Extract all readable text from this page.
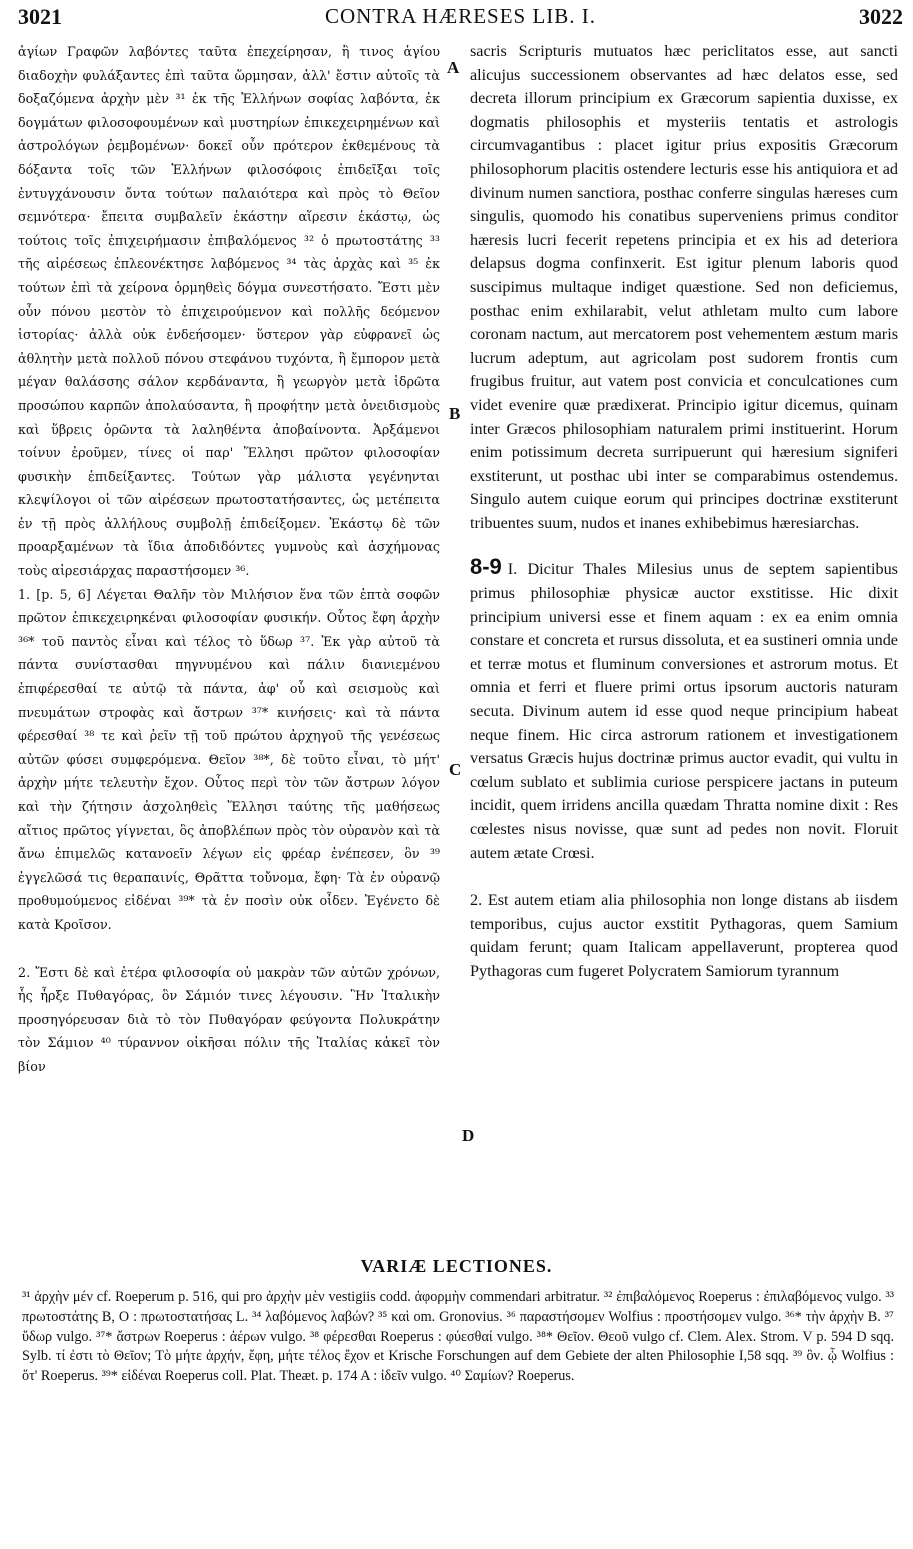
3021	CONTRA HÆRESES LIB. I.	3022

ἁγίων Γραφῶν λαβόντες ταῦτα ἐπεχείρησαν, ἢ τινος ἁγίου διαδοχὴν φυλάξαντες ἐπὶ ταῦτα ὥρμησαν, ἀλλ' ἔστιν αὐτοῖς τὰ δοξαζόμενα ἀρχὴν μὲν ³¹ ἐκ τῆς Ἑλλήνων σοφίας λαβόντα, ἐκ δογμάτων φιλοσοφουμένων καὶ μυστηρίων ἐπικεχειρημένων καὶ ἀστρολόγων ῥεμβομένων· δοκεῖ οὖν πρότερον ἐκθεμένους τὰ δόξαντα τοῖς τῶν Ἑλλήνων φιλοσόφοις ἐπιδεῖξαι τοῖς ἐντυγχάνουσιν ὄντα τούτων παλαιότερα καὶ πρὸς τὸ Θεῖον σεμνότερα· ἔπειτα συμβαλεῖν ἑκάστην αἵρεσιν ἑκάστῳ, ὡς τούτοις τοῖς ἐπιχειρήμασιν ἐπιβαλόμενος ³² ὁ πρωτοστάτης ³³ τῆς αἱρέσεως ἐπλεονέκτησε λαβόμενος ³⁴ τὰς ἀρχὰς καὶ ³⁵ ἐκ τούτων ἐπὶ τὰ χείρονα ὁρμηθεὶς δόγμα συνεστήσατο. Ἔστι μὲν οὖν πόνου μεστὸν τὸ ἐπιχειρούμενον καὶ πολλῆς δεόμενον ἱστορίας· ἀλλὰ οὐκ ἐνδεήσομεν· ὕστερον γὰρ εὐφρανεῖ ὡς ἀθλητὴν μετὰ πολλοῦ πόνου στεφάνου τυχόντα, ἢ ἔμπορον μετὰ μέγαν θαλάσσης σάλον κερδάναντα, ἢ γεωργὸν μετὰ ἱδρῶτα προσώπου καρπῶν ἀπολαύσαντα, ἢ προφήτην μετὰ ὀνειδισμοὺς καὶ ὕβρεις ὁρῶντα τὰ λαληθέντα ἀποβαίνοντα. Ἀρξάμενοι τοίνυν ἐροῦμεν, τίνες οἱ παρ' Ἕλλησι πρῶτον φιλοσοφίαν φυσικὴν ἐπιδείξαντες. Τούτων γὰρ μάλιστα γεγένηνται κλεψίλογοι οἱ τῶν αἱρέσεων πρωτοστατήσαντες, ὡς μετέπειτα ἐν τῇ πρὸς ἀλλήλους συμβολῇ ἐπιδείξομεν. Ἑκάστῳ δὲ τῶν προαρξαμένων τὰ ἴδια ἀποδιδόντες γυμνοὺς καὶ ἀσχήμονας τοὺς αἱρεσιάρχας παραστήσομεν ³⁶.

1. [p. 5, 6] Λέγεται Θαλῆν τὸν Μιλήσιον ἕνα τῶν ἑπτὰ σοφῶν πρῶτον ἐπικεχειρηκέναι φιλοσοφίαν φυσικήν. Οὗτος ἔφη ἀρχὴν ³⁶* τοῦ παντὸς εἶναι καὶ τέλος τὸ ὕδωρ ³⁷. Ἐκ γὰρ αὐτοῦ τὰ πάντα συνίστασθαι πηγνυμένου καὶ πάλιν διανιεμένου ἐπιφέρεσθαί τε αὐτῷ τὰ πάντα, ἀφ' οὗ καὶ σεισμοὺς καὶ πνευμάτων στροφὰς καὶ ἄστρων ³⁷* κινήσεις· καὶ τὰ πάντα φέρεσθαί ³⁸ τε καὶ ῥεῖν τῇ τοῦ πρώτου ἀρχηγοῦ τῆς γενέσεως αὐτῶν φύσει συμφερόμενα. Θεῖον ³⁸*, δὲ τοῦτο εἶναι, τὸ μήτ' ἀρχὴν μήτε τελευτὴν ἔχον. Οὗτος περὶ τὸν τῶν ἄστρων λόγον καὶ τὴν ζήτησιν ἀσχοληθεὶς Ἕλλησι ταύτης τῆς μαθήσεως αἴτιος πρῶτος γίγνεται, ὃς ἀποβλέπων πρὸς τὸν οὐρανὸν καὶ τὰ ἄνω ἐπιμελῶς κατανοεῖν λέγων εἰς φρέαρ ἐνέπεσεν, ὃν ³⁹ ἐγγελῶσά τις θεραπαινίς, Θρᾶττα τοὔνομα, ἔφη· Τὰ ἐν οὐρανῷ προθυμούμενος εἰδέναι ³⁹* τὰ ἐν ποσὶν οὐκ οἶδεν. Ἐγένετο δὲ κατὰ Κροῖσον.

2. Ἔστι δὲ καὶ ἑτέρα φιλοσοφία οὐ μακρὰν τῶν αὐτῶν χρόνων, ἧς ἦρξε Πυθαγόρας, ὃν Σάμιόν τινες λέγουσιν. Ἣν Ἰταλικὴν προσηγόρευσαν διὰ τὸ τὸν Πυθαγόραν φεύγοντα Πολυκράτην τὸν Σάμιον ⁴⁰ τύραννον οἰκῆσαι πόλιν τῆς Ἰταλίας κἀκεῖ τὸν βίον

A
B
C
D

sacris Scripturis mutuatos hæc periclitatos esse, aut sancti alicujus successionem observantes ad hæc delatos esse, sed decreta illorum principium ex Græcorum sapientia duxisse, ex dogmatis philosophis et mysteriis tentatis et astrologis circumvagantibus : placet igitur prius expositis Græcorum philosophorum placitis ostendere lecturis esse his antiquiora et ad divinum numen sanctiora, posthac conferre singulas hæreses cum singulis, quomodo his conatibus superveniens primus conditor hæresis lucri fecerit repetens principia et ex his ad deteriora delapsus dogma confinxerit. Est igitur plenum laboris quod suscipimus multaque indiget quæstione. Sed non deficiemus, posthac enim exhilarabit, velut athletam multo cum labore coronam nactum, aut mercatorem post vehementem æstum maris lucrum adeptum, aut agricolam post sudorem frontis cum frugibus fruitur, aut vatem post convicia et conculcationes cum videt evenire quæ prædixerat. Principio igitur dicemus, quinam inter Græcos philosophiam naturalem primi instituerint. Horum enim potissimum decreta surripuerunt qui hæresium signiferi exstiterunt, ut posthac ubi inter se comparabimus ostendemus. Singulo autem cuique eorum qui principes doctrinæ exstiterunt tribuentes suum, nudos et inanes exhibebimus hæresiarchas.

8-9 I. Dicitur Thales Milesius unus de septem sapientibus primus philosophiæ physicæ auctor exstitisse. Hic dixit principium universi esse et finem aquam : ex ea enim omnia constare et concreta et rursus dissoluta, et ea sustineri omnia unde et terræ motus et fluminum conversiones et astrorum motus. Et omnia et ferri et fluere primi ortus ipsorum auctoris naturam secuta. Divinum autem id esse quod neque principium habeat neque finem. Hic circa astrorum rationem et investigationem versatus Græcis hujus doctrinæ primus auctor evadit, qui vultu in cœlum sublato et sublimia curiose perspicere jactans in puteum incidit, quem irridens ancilla quædam Thratta nomine dixit : Res cœlestes nisus novisse, quæ sunt ad pedes non novit. Floruit autem ætate Crœsi.

2. Est autem etiam alia philosophia non longe distans ab iisdem temporibus, cujus auctor exstitit Pythagoras, quem Samium quidam ferunt; quam Italicam appellaverunt, propterea quod Pythagoras cum fugeret Polycratem Samiorum tyrannum

VARIÆ LECTIONES.

³¹ ἀρχὴν μέν cf. Roeperum p. 516, qui pro ἀρχὴν μὲν vestigiis codd. ἀφορμὴν commendari arbitratur. ³² ἐπιβαλόμενος Roeperus : ἐπιλαβόμενος vulgo. ³³ πρωτοστάτης B, O : πρωτοστατήσας L. ³⁴ λαβόμενος λαβών? ³⁵ καὶ om. Gronovius. ³⁶ παραστήσομεν Wolfius : προστήσομεν vulgo. ³⁶* τὴν ἀρχὴν B. ³⁷ ὕδωρ vulgo. ³⁷* ἄστρων Roeperus : ἀέρων vulgo. ³⁸ φέρεσθαι Roeperus : φύεσθαί vulgo. ³⁸* Θεῖον. Θεοῦ vulgo cf. Clem. Alex. Strom. V p. 594 D sqq. Sylb. τί ἐστι τὸ Θεῖον; Τὸ μήτε ἀρχήν, ἔφη, μήτε τέλος ἔχον et Krische Forschungen auf dem Gebiete der alten Philosophie I,58 sqq. ³⁹ ὃν. ᾧ Wolfius : ὅτ' Roeperus. ³⁹* εἰδέναι Roeperus coll. Plat. Theæt. p. 174 A : ἰδεῖν vulgo. ⁴⁰ Σαμίων? Roeperus.
